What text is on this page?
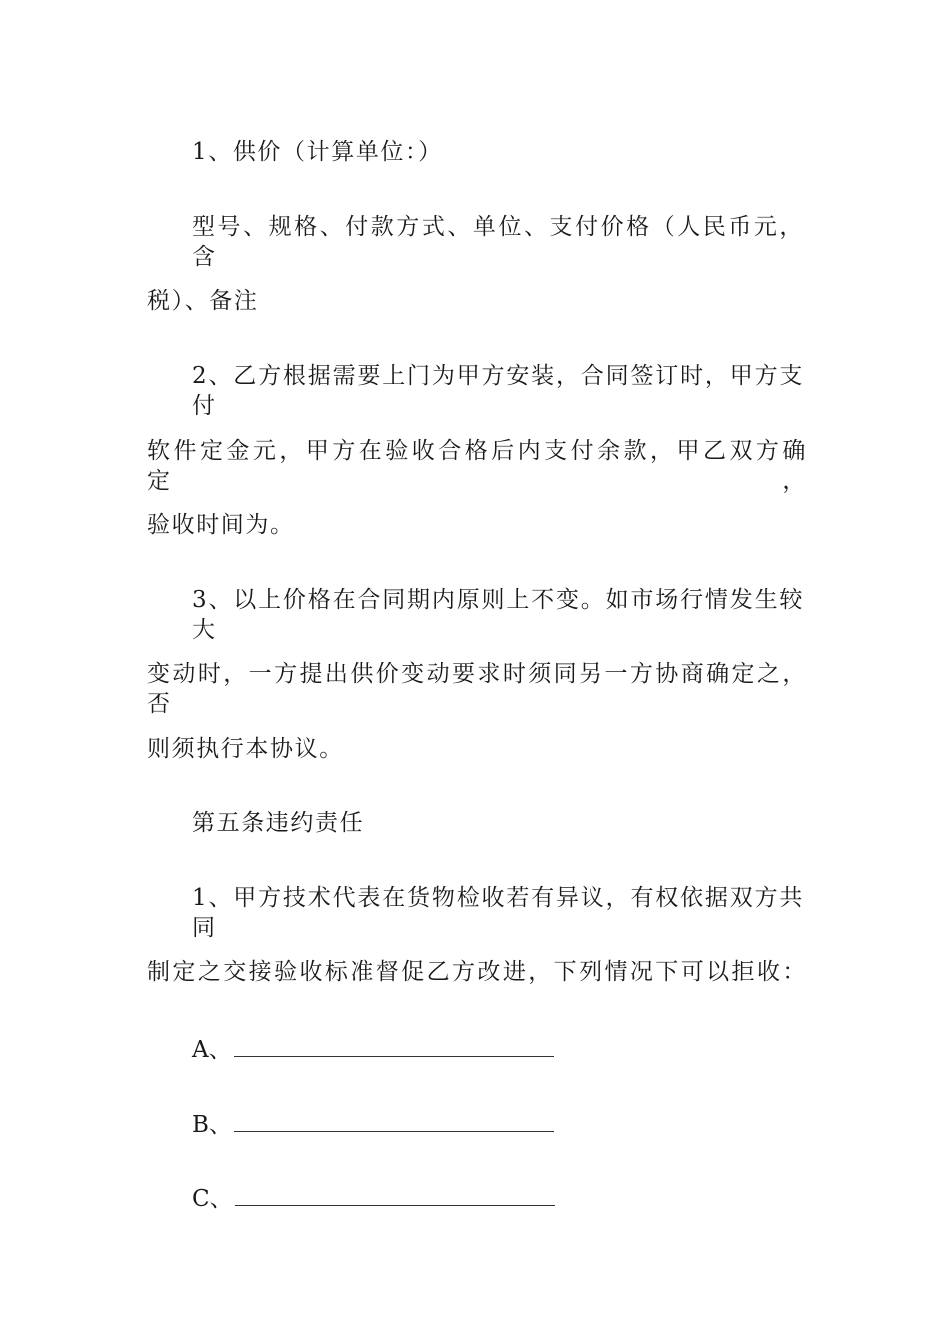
1、供价（计算单位：）
型号、规格、付款方式、单位、支付价格（人民币元，含
税）、备注
2、乙方根据需要上门为甲方安装，合同签订时，甲方支付
软件定金元，甲方在验收合格后内支付余款，甲乙双方确定，
验收时间为。
3、以上价格在合同期内原则上不变。如市场行情发生较大
变动时，一方提出供价变动要求时须同另一方协商确定之，否
则须执行本协议。
第五条违约责任
1、甲方技术代表在货物检收若有异议，有权依据双方共同
制定之交接验收标准督促乙方改进，下列情况下可以拒收：
A、
B、
C、
